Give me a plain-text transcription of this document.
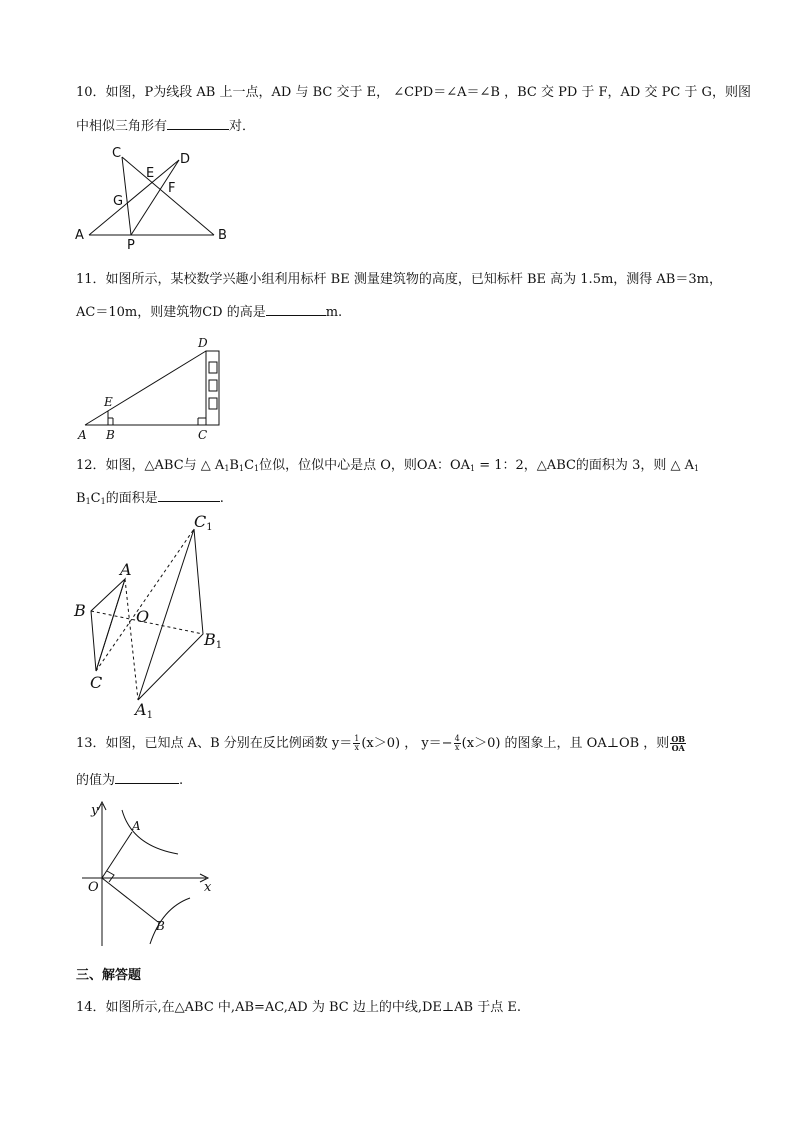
10．如图，P为线段 AB 上一点，AD 与 BC 交于 E， ∠CPD＝∠A＝∠B ，BC 交 PD 于 F，AD 交 PC 于 G，则图
中相似三角形有	对．
C	D
E
F
G
A
P
B
11．如图所示，某校数学兴趣小组利用标杆 BE 测量建筑物的高度，已知标杆 BE 高为 1.5m，测得 AB＝3m，
AC＝10m，则建筑物CD 的高是	m.
D
E
A B	C
12．如图，△ABC与 △ $A_1B_1C_1$位似，位似中心是点 O，则OA：$OA_1 = 1$：2，△ABC的面积为 3，则 △ $A_1$
$B_1C_1$的面积是	.
A
B
C
O
C1
B1
A1
13．如图，已知点 A、B 分别在反比例函数 $y= \frac{1}{x} (x>0)$ ， $y=- \frac{4}{x} (x>0)$ 的图象上，且 OA⊥OB ，则 $\frac{OB}{OA}$
的值为	.
y
x
O
A
B
三、解答题
14．如图所示,在△ABC 中,AB=AC,AD 为 BC 边上的中线,DE⊥AB 于点 E.
